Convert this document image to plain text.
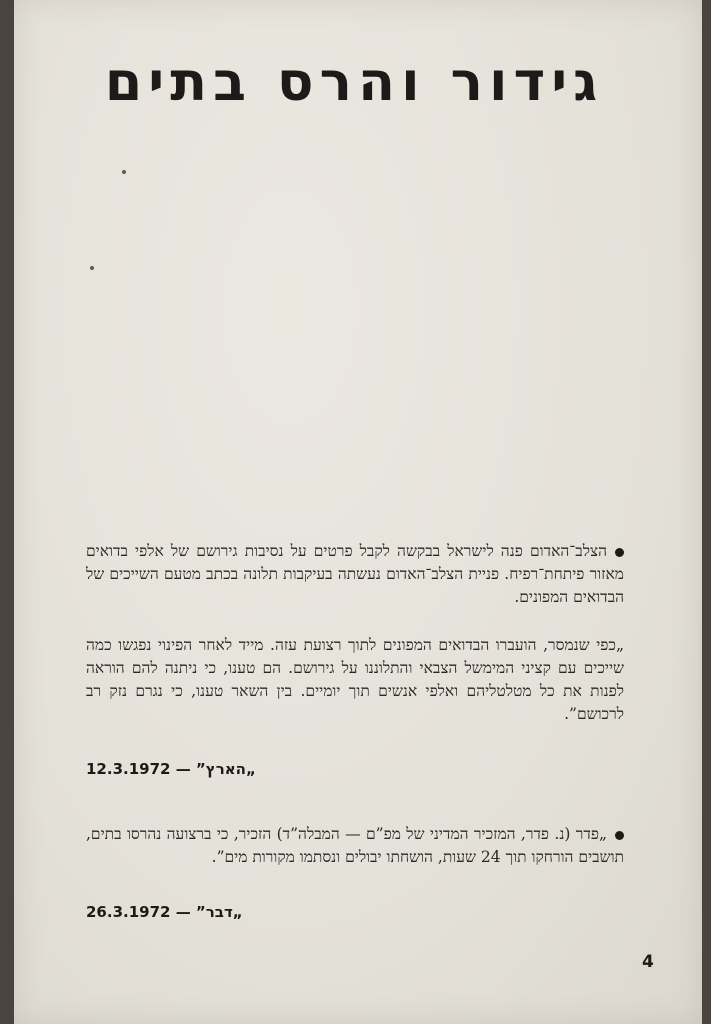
גידור והרס בתים
הצלב־האדום פנה לישראל בבקשה לקבל פרטים על נסיבות גירושם של אלפי בדואים מאזור פיתחת־רפיח. פניית הצלב־האדום נעשתה בעיקבות תלונה בכתב מטעם השייכים של הבדואים המפונים.
„כפי שנמסר, הועברו הבדואים המפונים לתוך רצועת עזה. מייד לאחר הפינוי נפגשו כמה שייכים עם קציני המימשל הצבאי והתלוננו על גירושם. הם טענו, כי ניתנה להם הוראה לפנות את כל מטלטליהם ואלפי אנשים תוך יומיים. בין השאר טענו, כי נגרם נזק רב לרכושם”.
„הארץ” — 12.3.1972
„פדר (נ. פדר, המזכיר המדיני של מפ”ם — המבלה”ד) הזכיר, כי ברצועה נהרסו בתים, תושבים הורחקו תוך 24 שעות, הושחתו יבולים ונסתמו מקורות מים”.
„דבר” — 26.3.1972
4
